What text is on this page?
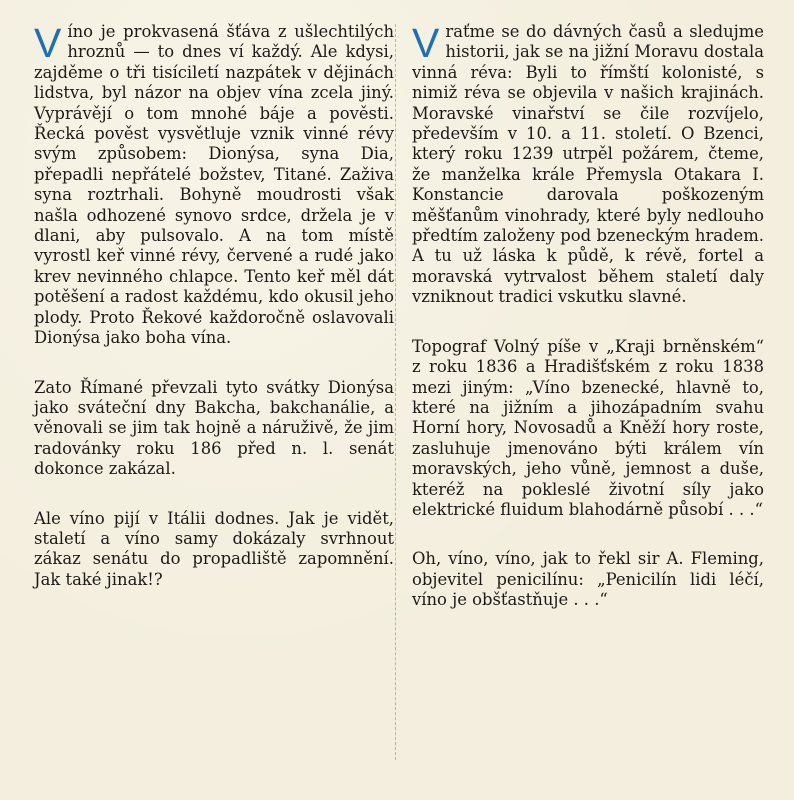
Víno je prokvasená šťáva z ušlechtilých hroznů — to dnes ví každý. Ale kdysi, zajděme o tři tisíciletí nazpátek v dějinách lidstva, byl názor na objev vína zcela jiný. Vyprávějí o tom mnohé báje a pověsti. Řecká pověst vysvětluje vznik vinné révy svým způsobem: Dionýsa, syna Dia, přepadli nepřátelé božstev, Titané. Zaživa syna roztrhali. Bohyně moudrosti však našla odhozené synovo srdce, držela je v dlani, aby pulsovalo. A na tom místě vyrostl keř vinné révy, červené a rudé jako krev nevinného chlapce. Tento keř měl dát potěšení a radost každému, kdo okusil jeho plody. Proto Řekové každoročně oslavovali Dionýsa jako boha vína.

Zato Římané převzali tyto svátky Dionýsa jako sváteční dny Bakcha, bakchanálie, a věnovali se jim tak hojně a náruživě, že jim radovánky roku 186 před n. l. senát dokonce zakázal.

Ale víno pijí v Itálii dodnes. Jak je vidět, staletí a víno samy dokázaly svrhnout zákaz senátu do propadliště zapomnění. Jak také jinak!?

Vraťme se do dávných časů a sledujme historii, jak se na jižní Moravu dostala vinná réva: Byli to římští kolonisté, s nimiž réva se objevila v našich krajinách. Moravské vinařství se čile rozvíjelo, především v 10. a 11. století. O Bzenci, který roku 1239 utrpěl požárem, čteme, že manželka krále Přemysla Otakara I. Konstancie darovala poškozeným měšťanům vinohrady, které byly nedlouho předtím založeny pod bzeneckým hradem. A tu už láska k půdě, k révě, fortel a moravská vytrvalost během staletí daly vzniknout tradici vskutku slavné.

Topograf Volný píše v „Kraji brněnském“ z roku 1836 a Hradišťském z roku 1838 mezi jiným: „Víno bzenecké, hlavně to, které na jižním a jihozápadním svahu Horní hory, Novosadů a Kněží hory roste, zasluhuje jmenováno býti králem vín moravských, jeho vůně, jemnost a duše, kteréž na pokleslé životní síly jako elektrické fluidum blahodárně působí . . .“

Oh, víno, víno, jak to řekl sir A. Fleming, objevitel penicilínu: „Penicilín lidi léčí, víno je obšťastňuje . . .“
